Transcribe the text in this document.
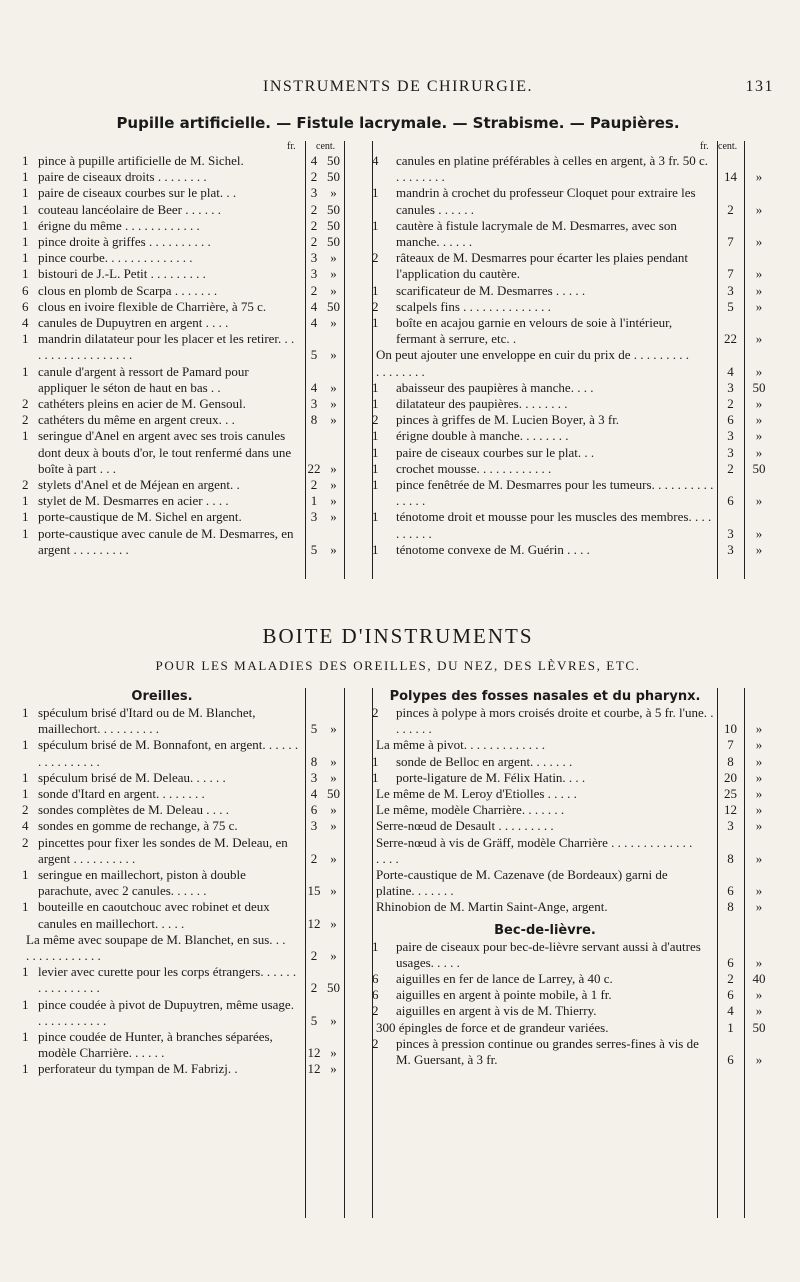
INSTRUMENTS DE CHIRURGIE.	131
Pupille artificielle. — Fistule lacrymale. — Strabisme. — Paupières.
fr. cent.
1 pince à pupille artificielle de M. Sichel.	4 50
1 paire de ciseaux droits . . . . . . . .	2 50
1 paire de ciseaux courbes sur le plat. . .	3	»
1 couteau lancéolaire de Beer . . . . . .	2 50
1 érigne du même . . . . . . . . . . . .	2 50
1 pince droite à griffes . . . . . . . . . .	2 50
1 pince courbe. . . . . . . . . . . . . .	3	»
1 bistouri de J.-L. Petit . . . . . . . . .	3	»
6 clous en plomb de Scarpa . . . . . . .	2	»
6 clous en ivoire flexible de Charrière, à 75 c.	4 50
4 canules de Dupuytren en argent . . . .	4	»
1 mandrin dilatateur pour les placer et les retirer. . . . . . . . . . . . . . . . . .	5	»
1 canule d'argent à ressort de Pamard pour appliquer le séton de haut en bas . .	4	»
2 cathéters pleins en acier de M. Gensoul.	3	»
2 cathéters du même en argent creux. . .	8	»
1 seringue d'Anel en argent avec ses trois canules dont deux à bouts d'or, le tout renfermé dans une boîte à part . . .	22 »
2 stylets d'Anel et de Méjean en argent. .	2	»
1 stylet de M. Desmarres en acier . . . .	1	»
1 porte-caustique de M. Sichel en argent.	3	»
1 porte-caustique avec canule de M. Desmarres, en argent . . . . . . . . .	5	»
fr. cent.
4	canules en platine préférables à celles en argent, à 3 fr. 50 c. . . . . . . . .	14	»
1	mandrin à crochet du professeur Cloquet pour extraire les canules . . . . . .	2	»
1	cautère à fistule lacrymale de M. Desmarres, avec son manche. . . . . .	7	»
2	râteaux de M. Desmarres pour écarter les plaies pendant l'application du cautère.	7	»
1	scarificateur de M. Desmarres . . . . .	3	»
2	scalpels fins . . . . . . . . . . . . . .	5	»
1	boîte en acajou garnie en velours de soie à l'intérieur, fermant à serrure, etc. .	22	»
On peut ajouter une enveloppe en cuir du prix de . . . . . . . . . . . . . . . . .	4	»
1	abaisseur des paupières à manche. . . .	3	50
1	dilatateur des paupières. . . . . . . .	2	»
2	pinces à griffes de M. Lucien Boyer, à 3 fr.	6	»
1	érigne double à manche. . . . . . . .	3	»
1	paire de ciseaux courbes sur le plat. . .	3	»
1	crochet mousse. . . . . . . . . . . .	2	50
1	pince fenêtrée de M. Desmarres pour les tumeurs. . . . . . . . . . . . . . .	6	»
1	ténotome droit et mousse pour les muscles des membres. . . . . . . . . .	3	»
1	ténotome convexe de M. Guérin . . . .	3	»
BOITE D'INSTRUMENTS
POUR LES MALADIES DES OREILLES, DU NEZ, DES LÈVRES, ETC.
Oreilles.
1 spéculum brisé d'Itard ou de M. Blanchet, maillechort. . . . . . . . . .	5	»
1 spéculum brisé de M. Bonnafont, en argent. . . . . . . . . . . . . . . .	8	»
1 spéculum brisé de M. Deleau. . . . . .	3	»
1 sonde d'Itard en argent. . . . . . . .	4 50
2 sondes complètes de M. Deleau . . . .	6	»
4 sondes en gomme de rechange, à 75 c.	3	»
2 pincettes pour fixer les sondes de M. Deleau, en argent . . . . . . . . . .	2	»
1 seringue en maillechort, piston à double parachute, avec 2 canules. . . . . .	15 »
1 bouteille en caoutchouc avec robinet et deux canules en maillechort. . . . .	12 »
La même avec soupape de M. Blanchet, en sus. . . . . . . . . . . . . . .	2	»
1 levier avec curette pour les corps étrangers. . . . . . . . . . . . . . . .	2 50
1 pince coudée à pivot de Dupuytren, même usage. . . . . . . . . . . .	5	»
1 pince coudée de Hunter, à branches séparées, modèle Charrière. . . . . .	12 »
1 perforateur du tympan de M. Fabrizj. .	12 »
Polypes des fosses nasales et du pharynx.
2	pinces à polype à mors croisés droite et courbe, à 5 fr. l'une. . . . . . . .	10	»
La même à pivot. . . . . . . . . . . . .	7	»
1	sonde de Belloc en argent. . . . . . .	8	»
1	porte-ligature de M. Félix Hatin. . . .	20	»
Le même de M. Leroy d'Etiolles . . . . .	25	»
Le même, modèle Charrière. . . . . . .	12	»
Serre-nœud de Desault . . . . . . . . .	3	»
Serre-nœud à vis de Gräff, modèle Charrière . . . . . . . . . . . . . . . . .	8	»
Porte-caustique de M. Cazenave (de Bordeaux) garni de platine. . . . . . .	6	»
Rhinobion de M. Martin Saint-Ange, argent.	8	»
Bec-de-lièvre.
1	paire de ciseaux pour bec-de-lièvre servant aussi à d'autres usages. . . . .	6	»
6	aiguilles en fer de lance de Larrey, à 40 c.	2	40
6	aiguilles en argent à pointe mobile, à 1 fr.	6	»
2	aiguilles en argent à vis de M. Thierry.	4	»
300 épingles de force et de grandeur variées.	1	50
2	pinces à pression continue ou grandes serres-fines à vis de M. Guersant, à 3 fr.	6	»
